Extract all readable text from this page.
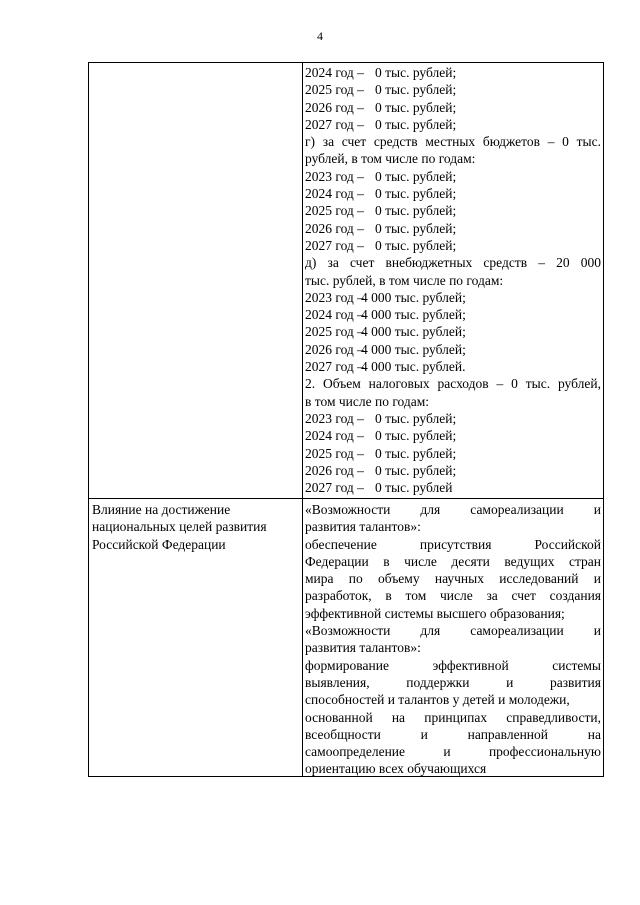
4
2024 год – 0 тыс. рублей;
2025 год – 0 тыс. рублей;
2026 год – 0 тыс. рублей;
2027 год – 0 тыс. рублей;
г) за счет средств местных бюджетов – 0 тыс.
рублей, в том числе по годам:
2023 год – 0 тыс. рублей;
2024 год – 0 тыс. рублей;
2025 год – 0 тыс. рублей;
2026 год – 0 тыс. рублей;
2027 год – 0 тыс. рублей;
д) за счет внебюджетных средств – 20 000
тыс. рублей, в том числе по годам:
2023 год –
4 000 тыс. рублей;
2024 год –
4 000 тыс. рублей;
2025 год –
4 000 тыс. рублей;
2026 год –
4 000 тыс. рублей;
2027 год –
4 000 тыс. рублей.
2. Объем налоговых расходов – 0 тыс. рублей,
в том числе по годам:
2023 год – 0 тыс. рублей;
2024 год – 0 тыс. рублей;
2025 год – 0 тыс. рублей;
2026 год – 0 тыс. рублей;
2027 год – 0 тыс. рублей
Влияние на достижение
национальных целей развития
Российской Федерации
«Возможности для самореализации и
развития талантов»:
обеспечение присутствия Российской
Федерации в числе десяти ведущих стран
мира по объему научных исследований и
разработок, в том числе за счет создания
эффективной системы высшего образования;
«Возможности для самореализации и
развития талантов»:
формирование эффективной системы
выявления, поддержки и развития
способностей и талантов у детей и молодежи,
основанной на принципах справедливости,
всеобщности и направленной на
самоопределение и профессиональную
ориентацию всех обучающихся
